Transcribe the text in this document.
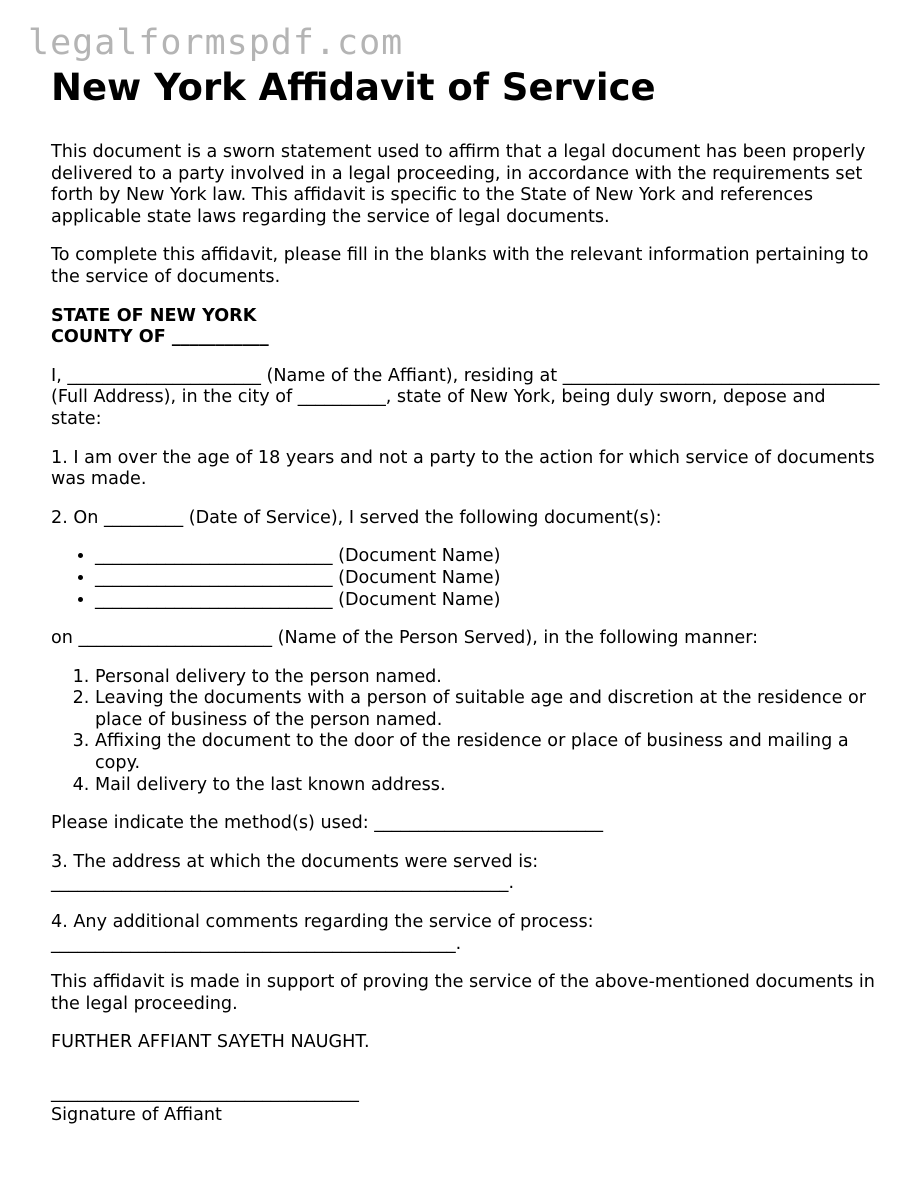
legalformspdf.com
New York Affidavit of Service

This document is a sworn statement used to affirm that a legal document has been properly delivered to a party involved in a legal proceeding, in accordance with the requirements set forth by New York law. This affidavit is specific to the State of New York and references applicable state laws regarding the service of legal documents.

To complete this affidavit, please fill in the blanks with the relevant information pertaining to the service of documents.

STATE OF NEW YORK
COUNTY OF ___________

I, ______________________ (Name of the Affiant), residing at ____________________________________ (Full Address), in the city of __________, state of New York, being duly sworn, depose and state:

1. I am over the age of 18 years and not a party to the action for which service of documents was made.

2. On _________ (Date of Service), I served the following document(s):

• ___________________________ (Document Name)
• ___________________________ (Document Name)
• ___________________________ (Document Name)

on ______________________ (Name of the Person Served), in the following manner:

1. Personal delivery to the person named.
2. Leaving the documents with a person of suitable age and discretion at the residence or place of business of the person named.
3. Affixing the document to the door of the residence or place of business and mailing a copy.
4. Mail delivery to the last known address.

Please indicate the method(s) used: __________________________

3. The address at which the documents were served is: ____________________________________________________.

4. Any additional comments regarding the service of process: ______________________________________________.

This affidavit is made in support of proving the service of the above-mentioned documents in the legal proceeding.

FURTHER AFFIANT SAYETH NAUGHT.

___________________________________
Signature of Affiant
